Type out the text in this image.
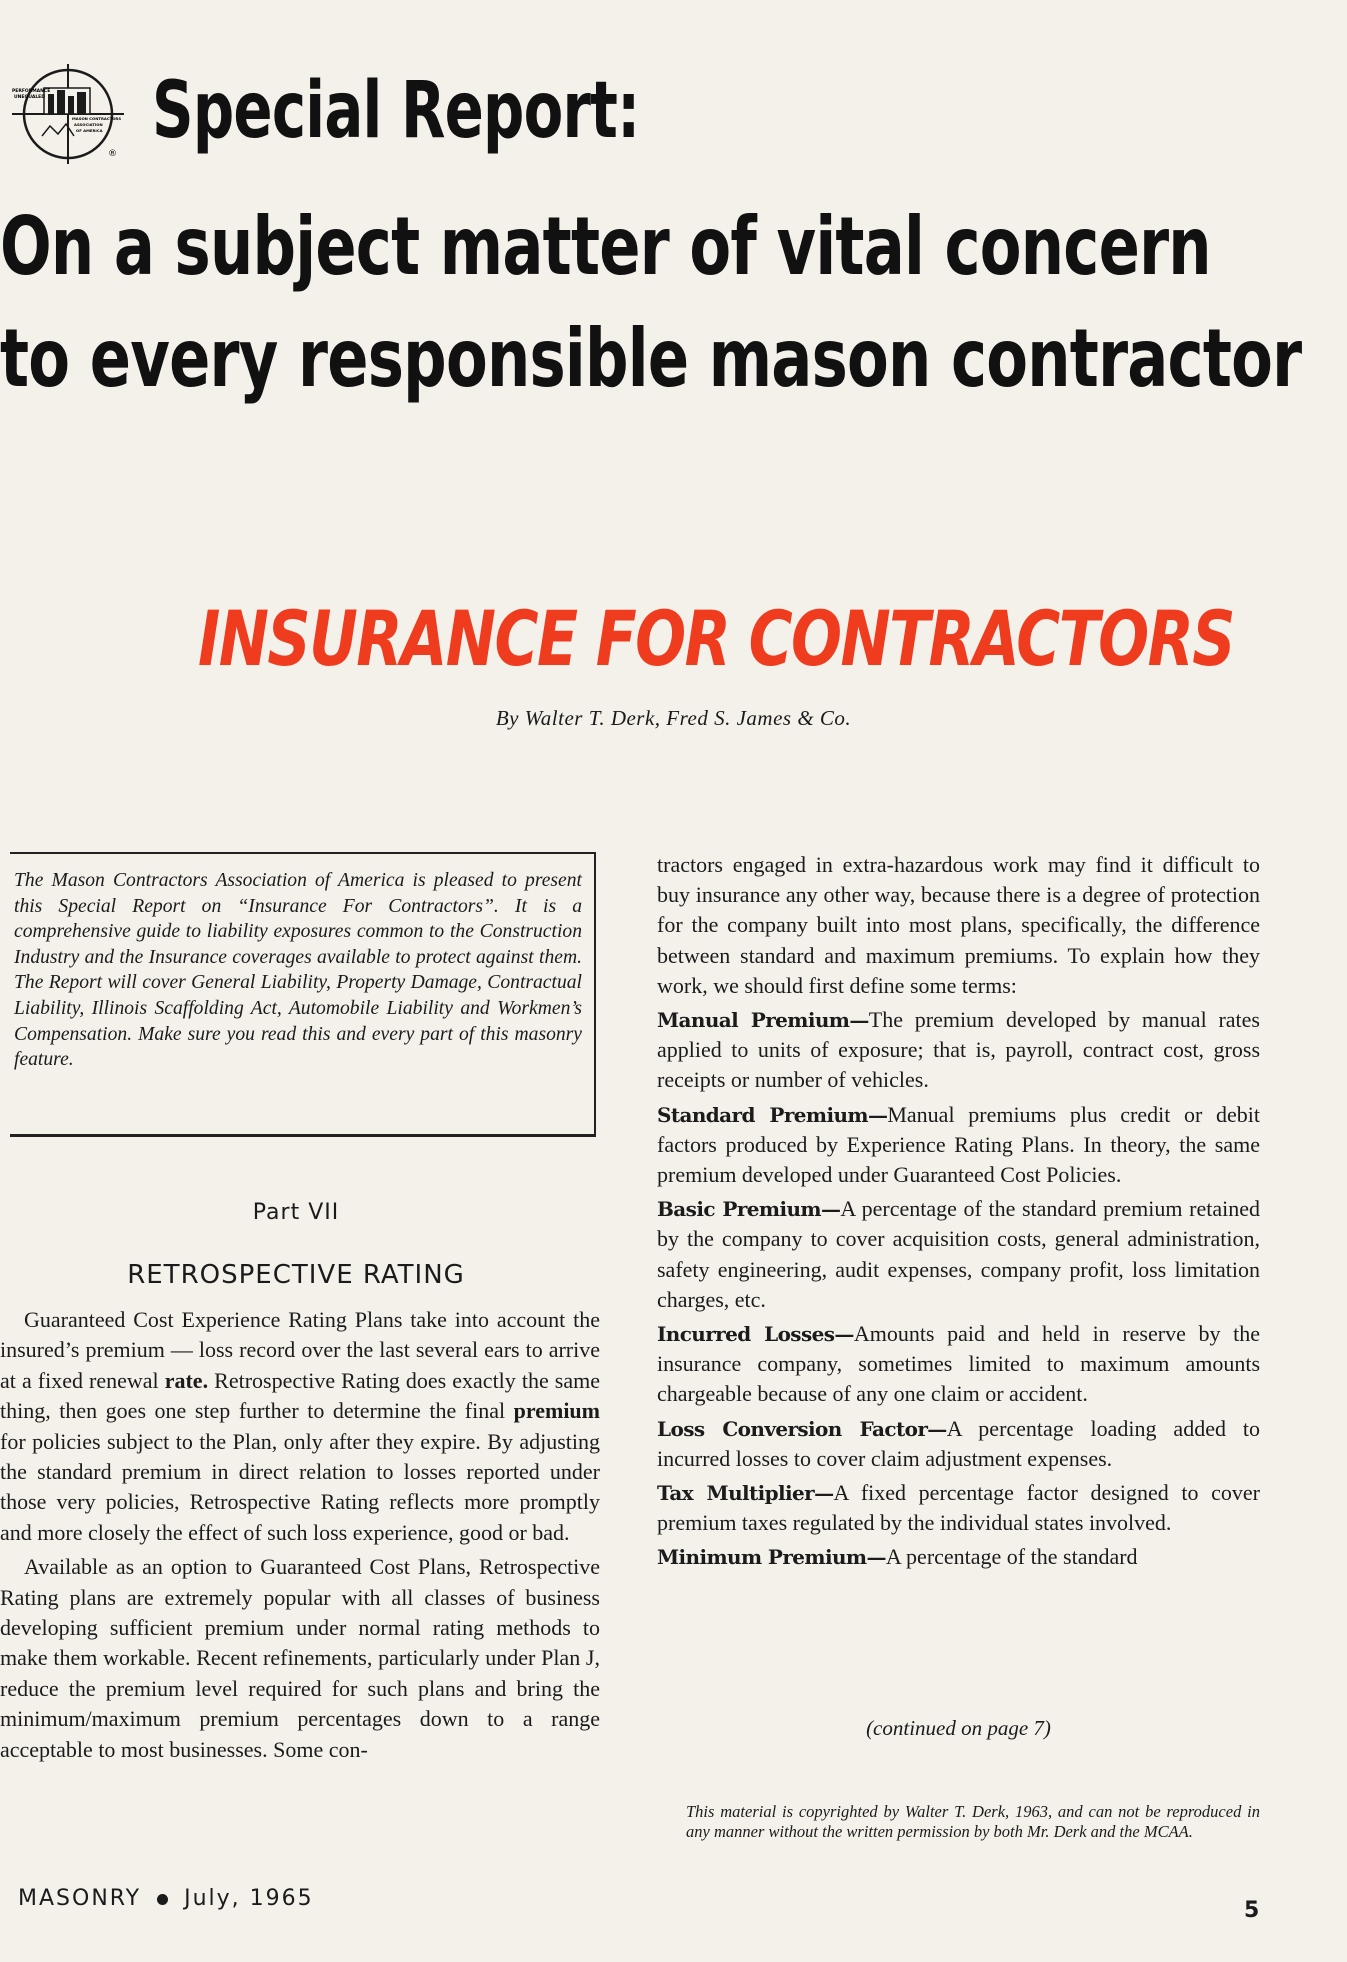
PERFORMANCE
UNEQUALED
MASON CONTRACTORS
ASSOCIATION
OF AMERICA
® Special Report:
On a subject matter of vital concern
to every responsible mason contractor
INSURANCE FOR CONTRACTORS
By Walter T. Derk, Fred S. James & Co.
The Mason Contractors Association of America is pleased to present this Special Report on “Insurance For Contractors”. It is a comprehensive guide to liability exposures common to the Construction Industry and the Insurance coverages available to protect against them. The Report will cover General Liability, Property Damage, Contractual Liability, Illinois Scaffolding Act, Automobile Liability and Workmen’s Compensation. Make sure you read this and every part of this masonry feature.
Part VII
RETROSPECTIVE RATING

Guaranteed Cost Experience Rating Plans take into account the insured’s premium — loss record over the last several ears to arrive at a fixed renewal rate. Retrospective Rating does exactly the same thing, then goes one step further to determine the final premium for policies subject to the Plan, only after they expire. By adjusting the standard premium in direct relation to losses reported under those very policies, Retrospective Rating reflects more promptly and more closely the effect of such loss experience, good or bad.

Available as an option to Guaranteed Cost Plans, Retrospective Rating plans are extremely popular with all classes of business developing sufficient premium under normal rating methods to make them workable. Recent refinements, particularly under Plan J, reduce the premium level required for such plans and bring the minimum/maximum premium percentages down to a range acceptable to most businesses. Some con-

tractors engaged in extra-hazardous work may find it difficult to buy insurance any other way, because there is a degree of protection for the company built into most plans, specifically, the difference between standard and maximum premiums. To explain how they work, we should first define some terms:

Manual Premium—The premium developed by manual rates applied to units of exposure; that is, payroll, contract cost, gross receipts or number of vehicles.

Standard Premium—Manual premiums plus credit or debit factors produced by Experience Rating Plans. In theory, the same premium developed under Guaranteed Cost Policies.

Basic Premium—A percentage of the standard premium retained by the company to cover acquisition costs, general administration, safety engineering, audit expenses, company profit, loss limitation charges, etc.

Incurred Losses—Amounts paid and held in reserve by the insurance company, sometimes limited to maximum amounts chargeable because of any one claim or accident.

Loss Conversion Factor—A percentage loading added to incurred losses to cover claim adjustment expenses.

Tax Multiplier—A fixed percentage factor designed to cover premium taxes regulated by the individual states involved.

Minimum Premium—A percentage of the standard

(continued on page 7)
This material is copyrighted by Walter T. Derk, 1963, and can not be reproduced in any manner without the written permission by both Mr. Derk and the MCAA.
MASONRY July, 1965	5
